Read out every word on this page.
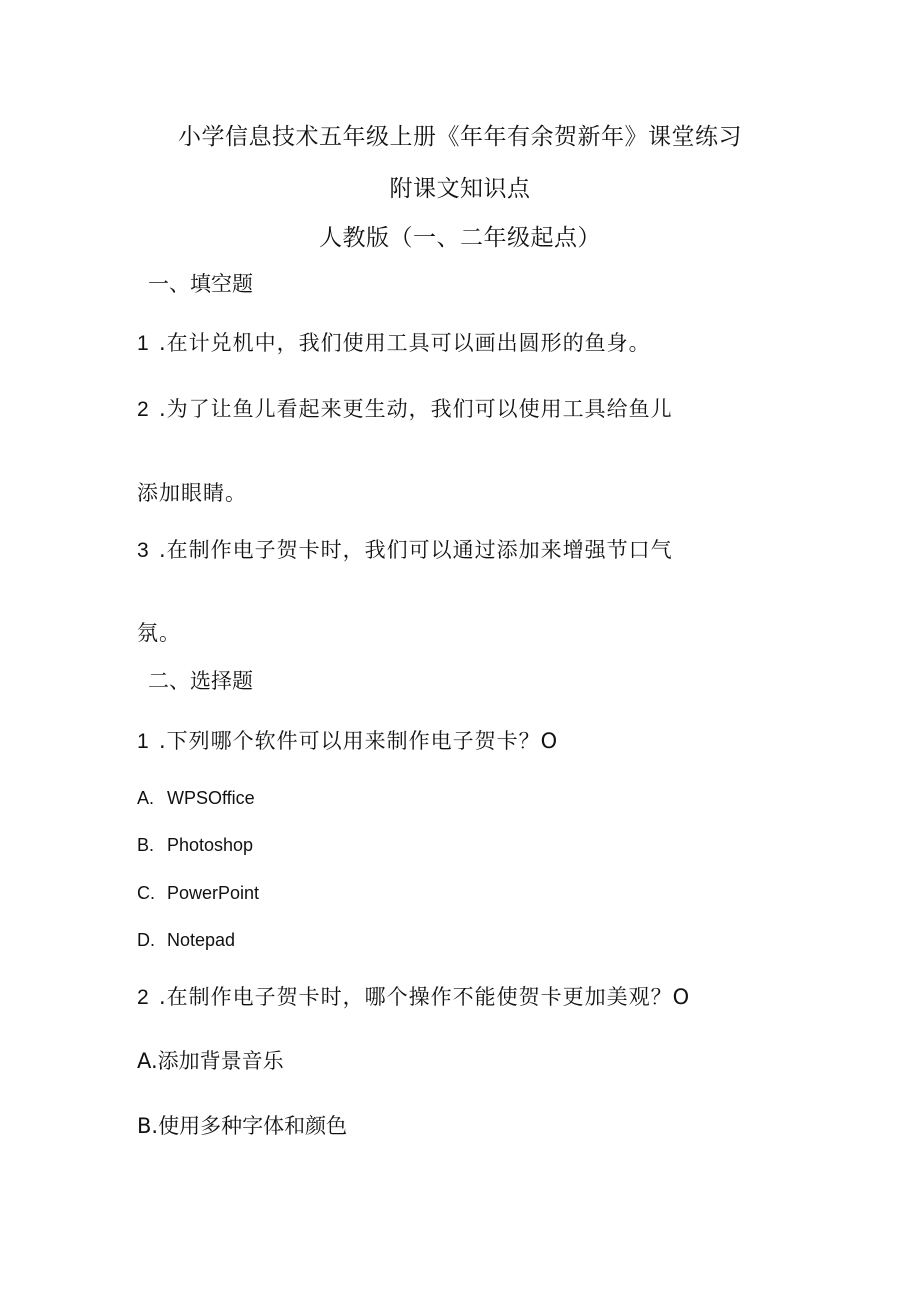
小学信息技术五年级上册《年年有余贺新年》课堂练习
附课文知识点
人教版（一、二年级起点）
一、填空题
1 .在计兑机中，我们使用工具可以画出圆形的鱼身。
2 .为了让鱼儿看起来更生动，我们可以使用工具给鱼儿
添加眼睛。
3 .在制作电子贺卡时，我们可以通过添加来增强节口气
氛。
二、选择题
1 .下列哪个软件可以用来制作电子贺卡？O
A. WPSOffice
B. Photoshop
C. PowerPoint
D. Notepad
2 .在制作电子贺卡时，哪个操作不能使贺卡更加美观？O
A.添加背景音乐
B.使用多种字体和颜色
